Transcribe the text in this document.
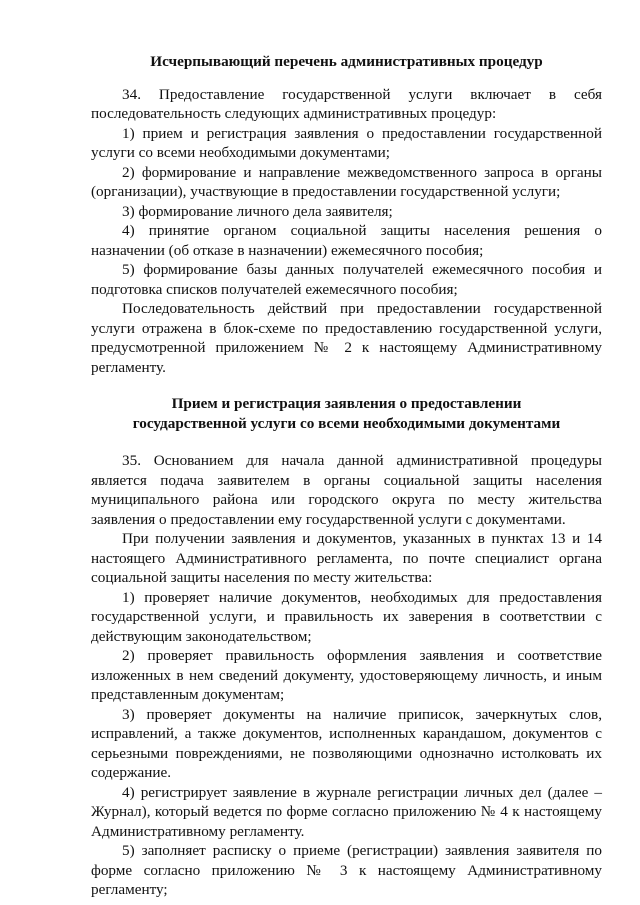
Исчерпывающий перечень административных процедур

34. Предоставление государственной услуги включает в себя последовательность следующих административных процедур:

1) прием и регистрация заявления о предоставлении государственной услуги со всеми необходимыми документами;

2) формирование и направление межведомственного запроса в органы (организации), участвующие в предоставлении государственной услуги;

3) формирование личного дела заявителя;

4) принятие органом социальной защиты населения решения о назначении (об отказе в назначении) ежемесячного пособия;

5) формирование базы данных получателей ежемесячного пособия и подготовка списков получателей ежемесячного пособия;

Последовательность действий при предоставлении государственной услуги отражена в блок-схеме по предоставлению государственной услуги, предусмотренной приложением № 2 к настоящему Административному регламенту.

Прием и регистрация заявления о предоставлении
государственной услуги со всеми необходимыми документами

35. Основанием для начала данной административной процедуры является подача заявителем в органы социальной защиты населения муниципального района или городского округа по месту жительства заявления о предоставлении ему государственной услуги с документами.

При получении заявления и документов, указанных в пунктах 13 и 14 настоящего Административного регламента, по почте специалист органа социальной защиты населения по месту жительства:

1) проверяет наличие документов, необходимых для предоставления государственной услуги, и правильность их заверения в соответствии с действующим законодательством;

2) проверяет правильность оформления заявления и соответствие изложенных в нем сведений документу, удостоверяющему личность, и иным представленным документам;

3) проверяет документы на наличие приписок, зачеркнутых слов, исправлений, а также документов, исполненных карандашом, документов с серьезными повреждениями, не позволяющими однозначно истолковать их содержание.

4) регистрирует заявление в журнале регистрации личных дел (далее – Журнал), который ведется по форме согласно приложению № 4 к настоящему Административному регламенту.

5) заполняет расписку о приеме (регистрации) заявления заявителя по форме согласно приложению № 3 к настоящему Административному регламенту;
